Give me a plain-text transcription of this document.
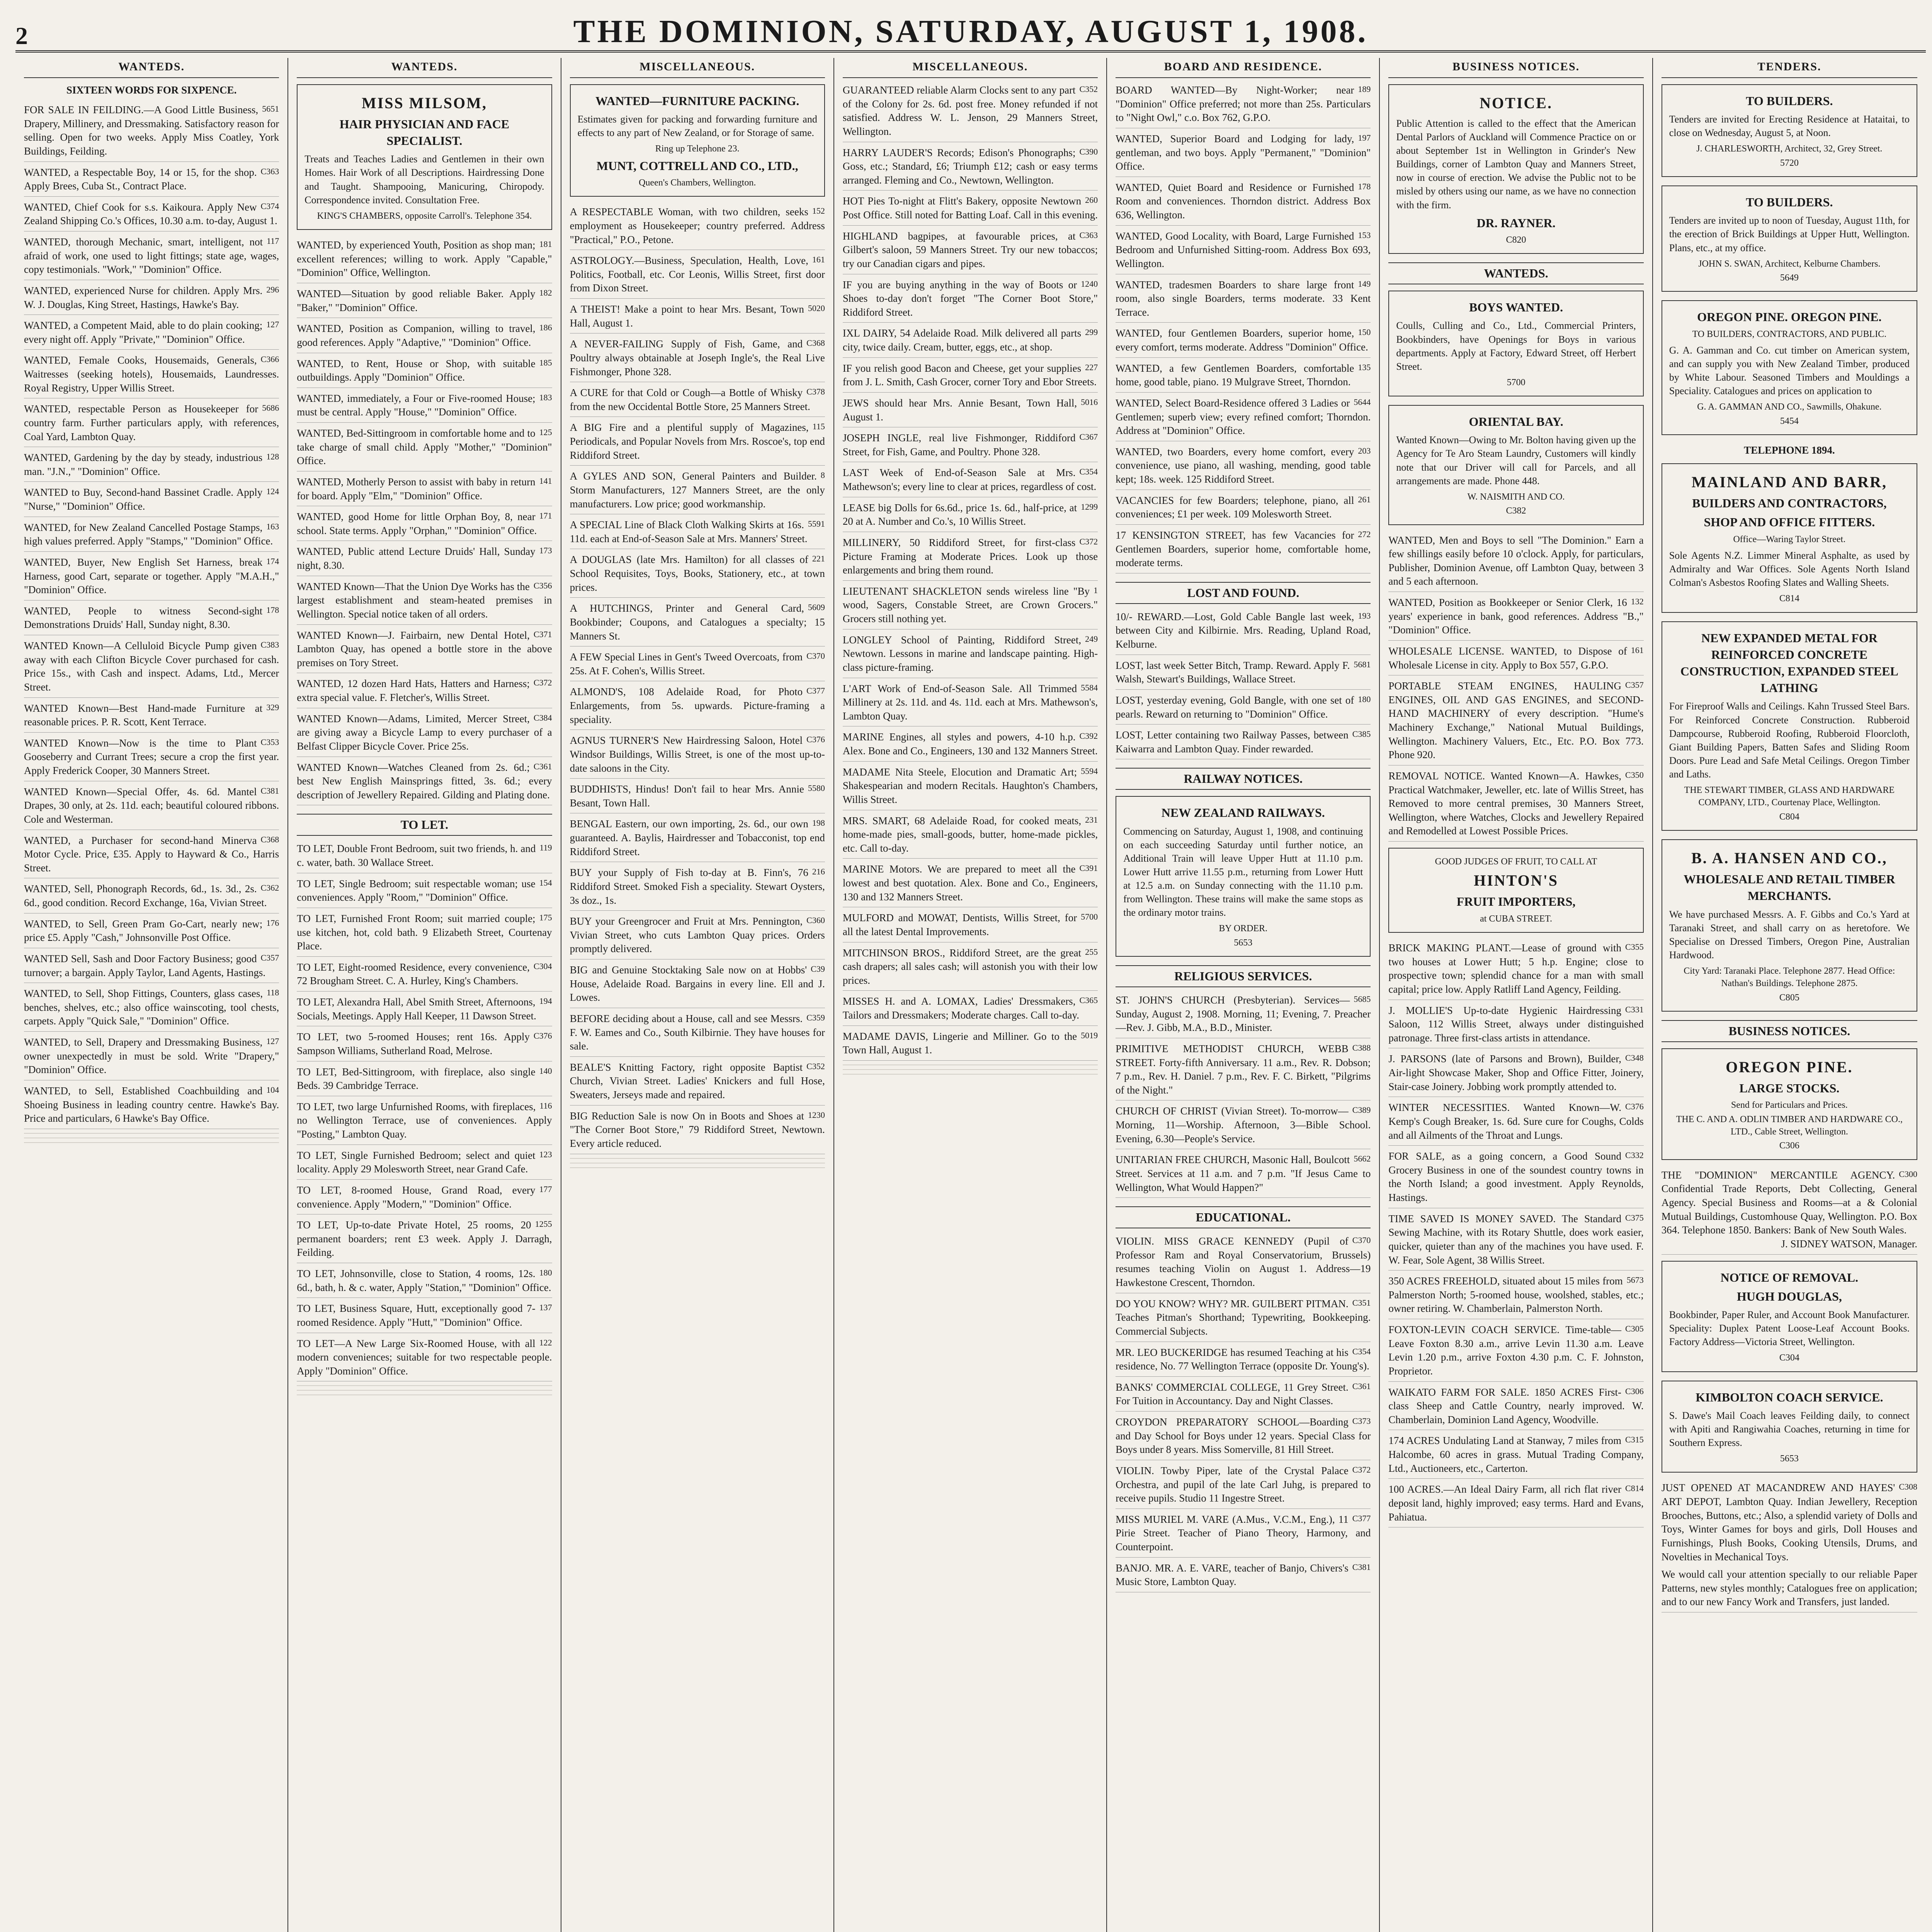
2	THE DOMINION, SATURDAY, AUGUST 1, 1908.
WANTEDS.
SIXTEEN WORDS FOR SIXPENCE.
5651
FOR SALE IN FEILDING.—A Good Little Business, Drapery, Millinery, and Dressmaking. Satisfactory reason for selling. Open for two weeks. Apply Miss Coatley, York Buildings, Feilding.
C363
WANTED, a Respectable Boy, 14 or 15, for the shop. Apply Brees, Cuba St., Contract Place.
C374
WANTED, Chief Cook for s.s. Kaikoura. Apply New Zealand Shipping Co.'s Offices, 10.30 a.m. to-day, August 1.
117
WANTED, thorough Mechanic, smart, intelligent, not afraid of work, one used to light fittings; state age, wages, copy testimonials. "Work," "Dominion" Office.
296
WANTED, experienced Nurse for children. Apply Mrs. W. J. Douglas, King Street, Hastings, Hawke's Bay.
127
WANTED, a Competent Maid, able to do plain cooking; every night off. Apply "Private," "Dominion" Office.
C366
WANTED, Female Cooks, Housemaids, Generals, Waitresses (seeking hotels), Housemaids, Laundresses. Royal Registry, Upper Willis Street.
5686
WANTED, respectable Person as Housekeeper for country farm. Further particulars apply, with references, Coal Yard, Lambton Quay.
128
WANTED, Gardening by the day by steady, industrious man. "J.N.," "Dominion" Office.
124
WANTED to Buy, Second-hand Bassinet Cradle. Apply "Nurse," "Dominion" Office.
163
WANTED, for New Zealand Cancelled Postage Stamps, high values preferred. Apply "Stamps," "Dominion" Office.
174
WANTED, Buyer, New English Set Harness, break Harness, good Cart, separate or together. Apply "M.A.H.," "Dominion" Office.
178
WANTED, People to witness Second-sight Demonstrations Druids' Hall, Sunday night, 8.30.
C383
WANTED Known—A Celluloid Bicycle Pump given away with each Clifton Bicycle Cover purchased for cash. Price 15s., with Cash and inspect. Adams, Ltd., Mercer Street.
329
WANTED Known—Best Hand-made Furniture at reasonable prices. P. R. Scott, Kent Terrace.
C353
WANTED Known—Now is the time to Plant Gooseberry and Currant Trees; secure a crop the first year. Apply Frederick Cooper, 30 Manners Street.
C381
WANTED Known—Special Offer, 4s. 6d. Mantel Drapes, 30 only, at 2s. 11d. each; beautiful coloured ribbons. Cole and Westerman.
C368
WANTED, a Purchaser for second-hand Minerva Motor Cycle. Price, £35. Apply to Hayward & Co., Harris Street.
C362
WANTED, Sell, Phonograph Records, 6d., 1s. 3d., 2s. 6d., good condition. Record Exchange, 16a, Vivian Street.
176
WANTED, to Sell, Green Pram Go-Cart, nearly new; price £5. Apply "Cash," Johnsonville Post Office.
C357
WANTED Sell, Sash and Door Factory Business; good turnover; a bargain. Apply Taylor, Land Agents, Hastings.
118
WANTED, to Sell, Shop Fittings, Counters, glass cases, benches, shelves, etc.; also office wainscoting, tool chests, carpets. Apply "Quick Sale," "Dominion" Office.
127
WANTED, to Sell, Drapery and Dressmaking Business, owner unexpectedly in must be sold. Write "Drapery," "Dominion" Office.
104
WANTED, to Sell, Established Coachbuilding and Shoeing Business in leading country centre. Hawke's Bay. Price and particulars, 6 Hawke's Bay Office.
WANTEDS.
MISS MILSOM,
HAIR PHYSICIAN AND FACE SPECIALIST.
Treats and Teaches Ladies and Gentlemen in their own Homes. Hair Work of all Descriptions. Hairdressing Done and Taught. Shampooing, Manicuring, Chiropody. Correspondence invited. Consultation Free.
KING'S CHAMBERS, opposite Carroll's. Telephone 354.
181
WANTED, by experienced Youth, Position as shop man; excellent references; willing to work. Apply "Capable," "Dominion" Office, Wellington.
182
WANTED—Situation by good reliable Baker. Apply "Baker," "Dominion" Office.
186
WANTED, Position as Companion, willing to travel, good references. Apply "Adaptive," "Dominion" Office.
185
WANTED, to Rent, House or Shop, with suitable outbuildings. Apply "Dominion" Office.
183
WANTED, immediately, a Four or Five-roomed House; must be central. Apply "House," "Dominion" Office.
125
WANTED, Bed-Sittingroom in comfortable home and to take charge of small child. Apply "Mother," "Dominion" Office.
141
WANTED, Motherly Person to assist with baby in return for board. Apply "Elm," "Dominion" Office.
171
WANTED, good Home for little Orphan Boy, 8, near school. State terms. Apply "Orphan," "Dominion" Office.
173
WANTED, Public attend Lecture Druids' Hall, Sunday night, 8.30.
C356
WANTED Known—That the Union Dye Works has the largest establishment and steam-heated premises in Wellington. Special notice taken of all orders.
C371
WANTED Known—J. Fairbairn, new Dental Hotel, Lambton Quay, has opened a bottle store in the above premises on Tory Street.
C372
WANTED, 12 dozen Hard Hats, Hatters and Harness; extra special value. F. Fletcher's, Willis Street.
C384
WANTED Known—Adams, Limited, Mercer Street, are giving away a Bicycle Lamp to every purchaser of a Belfast Clipper Bicycle Cover. Price 25s.
C361
WANTED Known—Watches Cleaned from 2s. 6d.; best New English Mainsprings fitted, 3s. 6d.; every description of Jewellery Repaired. Gilding and Plating done.
TO LET.
119
TO LET, Double Front Bedroom, suit two friends, h. and c. water, bath. 30 Wallace Street.
154
TO LET, Single Bedroom; suit respectable woman; use conveniences. Apply "Room," "Dominion" Office.
175
TO LET, Furnished Front Room; suit married couple; use kitchen, hot, cold bath. 9 Elizabeth Street, Courtenay Place.
C304
TO LET, Eight-roomed Residence, every convenience, 72 Brougham Street. C. A. Hurley, King's Chambers.
194
TO LET, Alexandra Hall, Abel Smith Street, Afternoons, Socials, Meetings. Apply Hall Keeper, 11 Dawson Street.
C376
TO LET, two 5-roomed Houses; rent 16s. Apply Sampson Williams, Sutherland Road, Melrose.
140
TO LET, Bed-Sittingroom, with fireplace, also single Beds. 39 Cambridge Terrace.
116
TO LET, two large Unfurnished Rooms, with fireplaces, no Wellington Terrace, use of conveniences. Apply "Posting," Lambton Quay.
123
TO LET, Single Furnished Bedroom; select and quiet locality. Apply 29 Molesworth Street, near Grand Cafe.
177
TO LET, 8-roomed House, Grand Road, every convenience. Apply "Modern," "Dominion" Office.
1255
TO LET, Up-to-date Private Hotel, 25 rooms, 20 permanent boarders; rent £3 week. Apply J. Darragh, Feilding.
180
TO LET, Johnsonville, close to Station, 4 rooms, 12s. 6d., bath, h. & c. water, Apply "Station," "Dominion" Office.
137
TO LET, Business Square, Hutt, exceptionally good 7-roomed Residence. Apply "Hutt," "Dominion" Office.
122
TO LET—A New Large Six-Roomed House, with all modern conveniences; suitable for two respectable people. Apply "Dominion" Office.
MISCELLANEOUS.
WANTED—FURNITURE PACKING.
Estimates given for packing and forwarding furniture and effects to any part of New Zealand, or for Storage of same.
Ring up Telephone 23.
MUNT, COTTRELL AND CO., LTD.,
Queen's Chambers, Wellington.
152
A RESPECTABLE Woman, with two children, seeks employment as Housekeeper; country preferred. Address "Practical," P.O., Petone.
161
ASTROLOGY.—Business, Speculation, Health, Love, Politics, Football, etc. Cor Leonis, Willis Street, first door from Dixon Street.
5020
A THEIST! Make a point to hear Mrs. Besant, Town Hall, August 1.
C368
A NEVER-FAILING Supply of Fish, Game, and Poultry always obtainable at Joseph Ingle's, the Real Live Fishmonger, Phone 328.
C378
A CURE for that Cold or Cough—a Bottle of Whisky from the new Occidental Bottle Store, 25 Manners Street.
115
A BIG Fire and a plentiful supply of Magazines, Periodicals, and Popular Novels from Mrs. Roscoe's, top end Riddiford Street.
8
A GYLES AND SON, General Painters and Builder. Storm Manufacturers, 127 Manners Street, are the only manufacturers. Low price; good workmanship.
5591
A SPECIAL Line of Black Cloth Walking Skirts at 16s. 11d. each at End-of-Season Sale at Mrs. Manners' Street.
221
A DOUGLAS (late Mrs. Hamilton) for all classes of School Requisites, Toys, Books, Stationery, etc., at town prices.
5609
A HUTCHINGS, Printer and General Card, Bookbinder; Coupons, and Catalogues a specialty; 15 Manners St.
C370
A FEW Special Lines in Gent's Tweed Overcoats, from 25s. At F. Cohen's, Willis Street.
C377
ALMOND'S, 108 Adelaide Road, for Photo Enlargements, from 5s. upwards. Picture-framing a speciality.
C376
AGNUS TURNER'S New Hairdressing Saloon, Hotel Windsor Buildings, Willis Street, is one of the most up-to-date saloons in the City.
5580
BUDDHISTS, Hindus! Don't fail to hear Mrs. Annie Besant, Town Hall.
198
BENGAL Eastern, our own importing, 2s. 6d., our own guaranteed. A. Baylis, Hairdresser and Tobacconist, top end Riddiford Street.
216
BUY your Supply of Fish to-day at B. Finn's, 76 Riddiford Street. Smoked Fish a speciality. Stewart Oysters, 3s doz., 1s.
C360
BUY your Greengrocer and Fruit at Mrs. Pennington, Vivian Street, who cuts Lambton Quay prices. Orders promptly delivered.
C39
BIG and Genuine Stocktaking Sale now on at Hobbs' House, Adelaide Road. Bargains in every line. Ell and J. Lowes.
C359
BEFORE deciding about a House, call and see Messrs. F. W. Eames and Co., South Kilbirnie. They have houses for sale.
C352
BEALE'S Knitting Factory, right opposite Baptist Church, Vivian Street. Ladies' Knickers and full Hose, Sweaters, Jerseys made and repaired.
1230
BIG Reduction Sale is now On in Boots and Shoes at "The Corner Boot Store," 79 Riddiford Street, Newtown. Every article reduced.
MISCELLANEOUS.
C352
GUARANTEED reliable Alarm Clocks sent to any part of the Colony for 2s. 6d. post free. Money refunded if not satisfied. Address W. L. Jenson, 29 Manners Street, Wellington.
C390
HARRY LAUDER'S Records; Edison's Phonographs; Goss, etc.; Standard, £6; Triumph £12; cash or easy terms arranged. Fleming and Co., Newtown, Wellington.
260
HOT Pies To-night at Flitt's Bakery, opposite Newtown Post Office. Still noted for Batting Loaf. Call in this evening.
C363
HIGHLAND bagpipes, at favourable prices, at Gilbert's saloon, 59 Manners Street. Try our new tobaccos; try our Canadian cigars and pipes.
1240
IF you are buying anything in the way of Boots or Shoes to-day don't forget "The Corner Boot Store," Riddiford Street.
299
IXL DAIRY, 54 Adelaide Road. Milk delivered all parts city, twice daily. Cream, butter, eggs, etc., at shop.
227
IF you relish good Bacon and Cheese, get your supplies from J. L. Smith, Cash Grocer, corner Tory and Ebor Streets.
5016
JEWS should hear Mrs. Annie Besant, Town Hall, August 1.
C367
JOSEPH INGLE, real live Fishmonger, Riddiford Street, for Fish, Game, and Poultry. Phone 328.
C354
LAST Week of End-of-Season Sale at Mrs. Mathewson's; every line to clear at prices, regardless of cost.
1299
LEASE big Dolls for 6s.6d., price 1s. 6d., half-price, at 20 at A. Number and Co.'s, 10 Willis Street.
C372
MILLINERY, 50 Riddiford Street, for first-class Picture Framing at Moderate Prices. Look up those enlargements and bring them round.
1
LIEUTENANT SHACKLETON sends wireless line "By wood, Sagers, Constable Street, are Crown Grocers." Grocers still nothing yet.
249
LONGLEY School of Painting, Riddiford Street, Newtown. Lessons in marine and landscape painting. High-class picture-framing.
5584
L'ART Work of End-of-Season Sale. All Trimmed Millinery at 2s. 11d. and 4s. 11d. each at Mrs. Mathewson's, Lambton Quay.
C392
MARINE Engines, all styles and powers, 4-10 h.p. Alex. Bone and Co., Engineers, 130 and 132 Manners Street.
5594
MADAME Nita Steele, Elocution and Dramatic Art; Shakespearian and modern Recitals. Haughton's Chambers, Willis Street.
231
MRS. SMART, 68 Adelaide Road, for cooked meats, home-made pies, small-goods, butter, home-made pickles, etc. Call to-day.
C391
MARINE Motors. We are prepared to meet all the lowest and best quotation. Alex. Bone and Co., Engineers, 130 and 132 Manners Street.
5700
MULFORD and MOWAT, Dentists, Willis Street, for all the latest Dental Improvements.
255
MITCHINSON BROS., Riddiford Street, are the great cash drapers; all sales cash; will astonish you with their low prices.
C365
MISSES H. and A. LOMAX, Ladies' Dressmakers, Tailors and Dressmakers; Moderate charges. Call to-day.
5019
MADAME DAVIS, Lingerie and Milliner. Go to the Town Hall, August 1.
BOARD AND RESIDENCE.
189
BOARD WANTED—By Night-Worker; near "Dominion" Office preferred; not more than 25s. Particulars to "Night Owl," c.o. Box 762, G.P.O.
197
WANTED, Superior Board and Lodging for lady, gentleman, and two boys. Apply "Permanent," "Dominion" Office.
178
WANTED, Quiet Board and Residence or Furnished Room and conveniences. Thorndon district. Address Box 636, Wellington.
153
WANTED, Good Locality, with Board, Large Furnished Bedroom and Unfurnished Sitting-room. Address Box 693, Wellington.
149
WANTED, tradesmen Boarders to share large front room, also single Boarders, terms moderate. 33 Kent Terrace.
150
WANTED, four Gentlemen Boarders, superior home, every comfort, terms moderate. Address "Dominion" Office.
135
WANTED, a few Gentlemen Boarders, comfortable home, good table, piano. 19 Mulgrave Street, Thorndon.
5644
WANTED, Select Board-Residence offered 3 Ladies or Gentlemen; superb view; every refined comfort; Thorndon. Address at "Dominion" Office.
203
WANTED, two Boarders, every home comfort, every convenience, use piano, all washing, mending, good table kept; 18s. week. 125 Riddiford Street.
261
VACANCIES for few Boarders; telephone, piano, all conveniences; £1 per week. 109 Molesworth Street.
272
17 KENSINGTON STREET, has few Vacancies for Gentlemen Boarders, superior home, comfortable home, moderate terms.
LOST AND FOUND.
193
10/- REWARD.—Lost, Gold Cable Bangle last week, between City and Kilbirnie. Mrs. Reading, Upland Road, Kelburne.
5681
LOST, last week Setter Bitch, Tramp. Reward. Apply F. Walsh, Stewart's Buildings, Wallace Street.
180
LOST, yesterday evening, Gold Bangle, with one set of pearls. Reward on returning to "Dominion" Office.
C385
LOST, Letter containing two Railway Passes, between Kaiwarra and Lambton Quay. Finder rewarded.
RAILWAY NOTICES.
NEW ZEALAND RAILWAYS.
Commencing on Saturday, August 1, 1908, and continuing on each succeeding Saturday until further notice, an Additional Train will leave Upper Hutt at 11.10 p.m. Lower Hutt arrive 11.55 p.m., returning from Lower Hutt at 12.5 a.m. on Sunday connecting with the 11.10 p.m. from Wellington. These trains will make the same stops as the ordinary motor trains.
BY ORDER.
5653
RELIGIOUS SERVICES.
5685
ST. JOHN'S CHURCH (Presbyterian). Services—Sunday, August 2, 1908. Morning, 11; Evening, 7. Preacher—Rev. J. Gibb, M.A., B.D., Minister.
C388
PRIMITIVE METHODIST CHURCH, WEBB STREET. Forty-fifth Anniversary. 11 a.m., Rev. R. Dobson; 7 p.m., Rev. H. Daniel. 7 p.m., Rev. F. C. Birkett, "Pilgrims of the Night."
C389
CHURCH OF CHRIST (Vivian Street). To-morrow—Morning, 11—Worship. Afternoon, 3—Bible School. Evening, 6.30—People's Service.
5662
UNITARIAN FREE CHURCH, Masonic Hall, Boulcott Street. Services at 11 a.m. and 7 p.m. "If Jesus Came to Wellington, What Would Happen?"
EDUCATIONAL.
C370
VIOLIN. MISS GRACE KENNEDY (Pupil of Professor Ram and Royal Conservatorium, Brussels) resumes teaching Violin on August 1. Address—19 Hawkestone Crescent, Thorndon.
C351
DO YOU KNOW? WHY? MR. GUILBERT PITMAN. Teaches Pitman's Shorthand; Typewriting, Bookkeeping. Commercial Subjects.
C354
MR. LEO BUCKERIDGE has resumed Teaching at his residence, No. 77 Wellington Terrace (opposite Dr. Young's).
C361
BANKS' COMMERCIAL COLLEGE, 11 Grey Street. For Tuition in Accountancy. Day and Night Classes.
C373
CROYDON PREPARATORY SCHOOL—Boarding and Day School for Boys under 12 years. Special Class for Boys under 8 years. Miss Somerville, 81 Hill Street.
C372
VIOLIN. Towby Piper, late of the Crystal Palace Orchestra, and pupil of the late Carl Juhg, is prepared to receive pupils. Studio 11 Ingestre Street.
C377
MISS MURIEL M. VARE (A.Mus., V.C.M., Eng.), 11 Pirie Street. Teacher of Piano Theory, Harmony, and Counterpoint.
C381
BANJO. MR. A. E. VARE, teacher of Banjo, Chivers's Music Store, Lambton Quay.
BUSINESS NOTICES.
NOTICE.
Public Attention is called to the effect that the American Dental Parlors of Auckland will Commence Practice on or about September 1st in Wellington in Grinder's New Buildings, corner of Lambton Quay and Manners Street, now in course of erection. We advise the Public not to be misled by others using our name, as we have no connection with the firm.
DR. RAYNER.
C820
WANTEDS.
BOYS WANTED.
Coulls, Culling and Co., Ltd., Commercial Printers, Bookbinders, have Openings for Boys in various departments. Apply at Factory, Edward Street, off Herbert Street.
5700
ORIENTAL BAY.
Wanted Known—Owing to Mr. Bolton having given up the Agency for Te Aro Steam Laundry, Customers will kindly note that our Driver will call for Parcels, and all arrangements are made. Phone 448.
W. NAISMITH AND CO.
C382
WANTED, Men and Boys to sell "The Dominion." Earn a few shillings easily before 10 o'clock. Apply, for particulars, Publisher, Dominion Avenue, off Lambton Quay, between 3 and 5 each afternoon.
132
WANTED, Position as Bookkeeper or Senior Clerk, 16 years' experience in bank, good references. Address "B.," "Dominion" Office.
161
WHOLESALE LICENSE. WANTED, to Dispose of Wholesale License in city. Apply to Box 557, G.P.O.
C357
PORTABLE STEAM ENGINES, HAULING ENGINES, OIL AND GAS ENGINES, and SECOND-HAND MACHINERY of every description. "Hume's Machinery Exchange," National Mutual Buildings, Wellington. Machinery Valuers, Etc., Etc. P.O. Box 773. Phone 920.
C350
REMOVAL NOTICE. Wanted Known—A. Hawkes, Practical Watchmaker, Jeweller, etc. late of Willis Street, has Removed to more central premises, 30 Manners Street, Wellington, where Watches, Clocks and Jewellery Repaired and Remodelled at Lowest Possible Prices.
GOOD JUDGES OF FRUIT, TO CALL AT
HINTON'S
FRUIT IMPORTERS,
at CUBA STREET.
C355
BRICK MAKING PLANT.—Lease of ground with two houses at Lower Hutt; 5 h.p. Engine; close to prospective town; splendid chance for a man with small capital; price low. Apply Ratliff Land Agency, Feilding.
C331
J. MOLLIE'S Up-to-date Hygienic Hairdressing Saloon, 112 Willis Street, always under distinguished patronage. Three first-class artists in attendance.
C348
J. PARSONS (late of Parsons and Brown), Builder, Air-light Showcase Maker, Shop and Office Fitter, Joinery, Stair-case Joinery. Jobbing work promptly attended to.
C376
WINTER NECESSITIES. Wanted Known—W. Kemp's Cough Breaker, 1s. 6d. Sure cure for Coughs, Colds and all Ailments of the Throat and Lungs.
C332
FOR SALE, as a going concern, a Good Sound Grocery Business in one of the soundest country towns in the North Island; a good investment. Apply Reynolds, Hastings.
C375
TIME SAVED IS MONEY SAVED. The Standard Sewing Machine, with its Rotary Shuttle, does work easier, quicker, quieter than any of the machines you have used. F. W. Fear, Sole Agent, 38 Willis Street.
5673
350 ACRES FREEHOLD, situated about 15 miles from Palmerston North; 5-roomed house, woolshed, stables, etc.; owner retiring. W. Chamberlain, Palmerston North.
C305
FOXTON-LEVIN COACH SERVICE. Time-table—Leave Foxton 8.30 a.m., arrive Levin 11.30 a.m. Leave Levin 1.20 p.m., arrive Foxton 4.30 p.m. C. F. Johnston, Proprietor.
C306
WAIKATO FARM FOR SALE. 1850 ACRES First-class Sheep and Cattle Country, nearly improved. W. Chamberlain, Dominion Land Agency, Woodville.
C315
174 ACRES Undulating Land at Stanway, 7 miles from Halcombe, 60 acres in grass. Mutual Trading Company, Ltd., Auctioneers, etc., Carterton.
C814
100 ACRES.—An Ideal Dairy Farm, all rich flat river deposit land, highly improved; easy terms. Hard and Evans, Pahiatua.
TENDERS.
TO BUILDERS.
Tenders are invited for Erecting Residence at Hataitai, to close on Wednesday, August 5, at Noon.
J. CHARLESWORTH, Architect, 32, Grey Street.
5720
TO BUILDERS.
Tenders are invited up to noon of Tuesday, August 11th, for the erection of Brick Buildings at Upper Hutt, Wellington. Plans, etc., at my office.
JOHN S. SWAN, Architect, Kelburne Chambers.
5649
OREGON PINE. OREGON PINE.
TO BUILDERS, CONTRACTORS, AND PUBLIC.
G. A. Gamman and Co. cut timber on American system, and can supply you with New Zealand Timber, produced by White Labour. Seasoned Timbers and Mouldings a Speciality. Catalogues and prices on application to
G. A. GAMMAN AND CO., Sawmills, Ohakune.
5454
TELEPHONE 1894.
MAINLAND AND BARR,
BUILDERS AND CONTRACTORS,
SHOP AND OFFICE FITTERS.
Office—Waring Taylor Street.
Sole Agents N.Z. Limmer Mineral Asphalte, as used by Admiralty and War Offices. Sole Agents North Island Colman's Asbestos Roofing Slates and Walling Sheets.
C814
NEW EXPANDED METAL FOR REINFORCED CONCRETE CONSTRUCTION, EXPANDED STEEL LATHING
For Fireproof Walls and Ceilings. Kahn Trussed Steel Bars. For Reinforced Concrete Construction. Rubberoid Dampcourse, Rubberoid Roofing, Rubberoid Floorcloth, Giant Building Papers, Batten Safes and Sliding Room Doors. Pure Lead and Safe Metal Ceilings. Oregon Timber and Laths.
THE STEWART TIMBER, GLASS AND HARDWARE COMPANY, LTD., Courtenay Place, Wellington.
C804
B. A. HANSEN AND CO.,
WHOLESALE AND RETAIL TIMBER MERCHANTS.
We have purchased Messrs. A. F. Gibbs and Co.'s Yard at Taranaki Street, and shall carry on as heretofore. We Specialise on Dressed Timbers, Oregon Pine, Australian Hardwood.
City Yard: Taranaki Place. Telephone 2877. Head Office: Nathan's Buildings. Telephone 2875.
C805
BUSINESS NOTICES.
OREGON PINE.
LARGE STOCKS.
Send for Particulars and Prices.
THE C. AND A. ODLIN TIMBER AND HARDWARE CO., LTD., Cable Street, Wellington.
C306
C300
THE "DOMINION" MERCANTILE AGENCY. Confidential Trade Reports, Debt Collecting, General Agency. Special Business and Rooms—at a & Colonial Mutual Buildings, Customhouse Quay, Wellington. P.O. Box 364. Telephone 1850. Bankers: Bank of New South Wales.
J. SIDNEY WATSON, Manager.
NOTICE OF REMOVAL.
HUGH DOUGLAS,
Bookbinder, Paper Ruler, and Account Book Manufacturer. Speciality: Duplex Patent Loose-Leaf Account Books. Factory Address—Victoria Street, Wellington.
C304
KIMBOLTON COACH SERVICE.
S. Dawe's Mail Coach leaves Feilding daily, to connect with Apiti and Rangiwahia Coaches, returning in time for Southern Express.
5653
C308
JUST OPENED AT MACANDREW AND HAYES' ART DEPOT, Lambton Quay. Indian Jewellery, Reception Brooches, Buttons, etc.; Also, a splendid variety of Dolls and Toys, Winter Games for boys and girls, Doll Houses and Furnishings, Plush Books, Cooking Utensils, Drums, and Novelties in Mechanical Toys.

We would call your attention specially to our reliable Paper Patterns, new styles monthly; Catalogues free on application; and to our new Fancy Work and Transfers, just landed.
